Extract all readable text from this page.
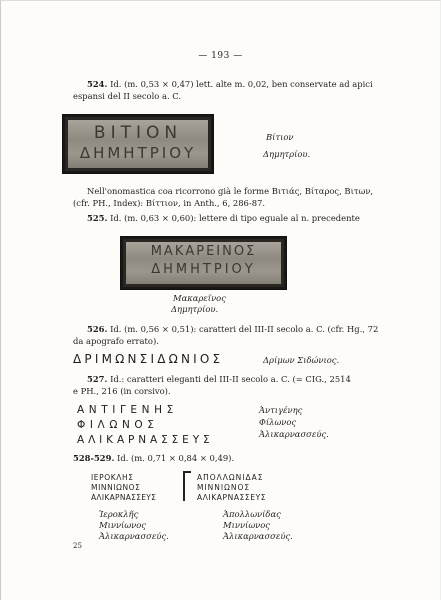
— 193 —
524. Id. (m. 0,53 × 0,47) lett. alte m. 0,02, ben conservate ad apici
espansi del II secolo a. C.
ΒΙΤΙΟΝ
ΔΗΜΗΤΡΙΟΥ
Βίτιον
Δημητρίου.
Nell'onomastica coa ricorrono già le forme Βιτιάς, Βίταρος, Βιτων,
(cfr. PH., Index): Βίττιον, in Anth., 6, 286-87.
525. Id. (m. 0,63 × 0,60): lettere di tipo eguale al n. precedente
ΜΑΚΑΡΕΙΝΟΣ
ΔΗΜΗΤΡΙΟΥ
Μακαρεῖνος
Δημητρίου.
526. Id. (m. 0,56 × 0,51): caratteri del III-II secolo a. C. (cfr. Hg., 72
da apografo errato).
ΔΡΙΜΩΝΣΙΔΩΝΙΟΣ	Δρίμων Σιδώνιος.
527. Id.: caratteri eleganti del III-II secolo a. C. (= CIG., 2514
e PH., 216 (in corsivo).
ΑΝΤΙΓΕΝΗΣ
ΦΙΛΩΝΟΣ
ΑΛΙΚΑΡΝΑΣΣΕΥΣ
Ἀντιγένης
Φίλωνος
Ἀλικαρνασσεύς.
528-529. Id. (m. 0,71 × 0,84 × 0,49).
ΙΕΡΟΚΛΗΣ
ΜΙΝΝΙΩΝΟΣ
ΑΛΙΚΑΡΝΑΣΣΕΥΣ
ΑΠΟΛΛΩΝΙΔΑΣ
ΜΙΝΝΙΩΝΟΣ
ΑΛΙΚΑΡΝΑΣΣΕΥΣ
Ἱεροκλῆς
Μιννίωνος
Ἀλικαρνασσεύς.
Ἀπολλωνίδας
Μιννίωνος
Ἀλικαρνασσεύς.
25
